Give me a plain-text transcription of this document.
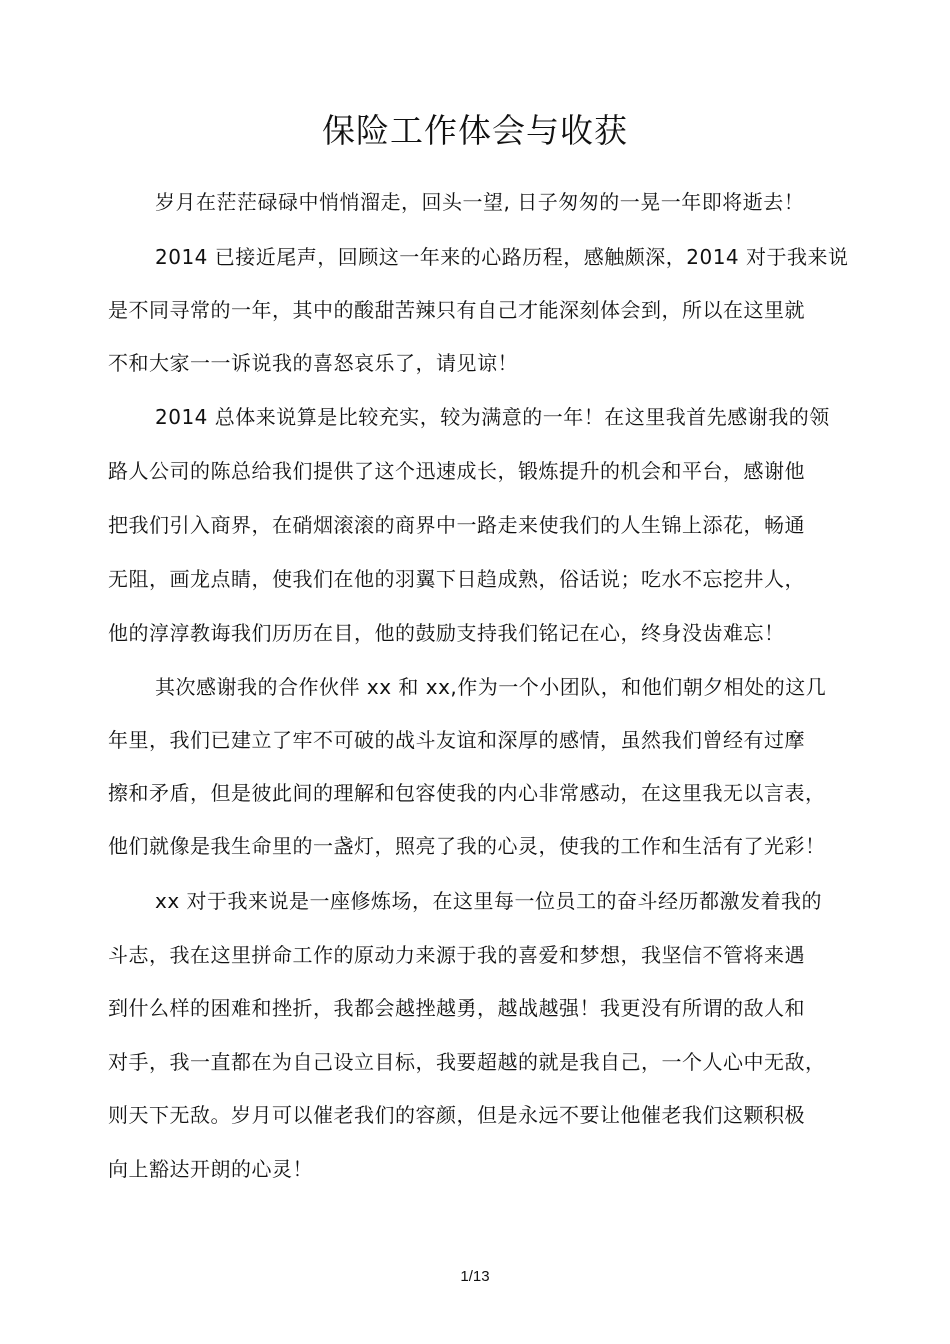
保险工作体会与收获
岁月在茫茫碌碌中悄悄溜走，回头一望, 日子匆匆的一晃一年即将逝去！
2014 已接近尾声，回顾这一年来的心路历程，感触颇深，2014 对于我来说
是不同寻常的一年，其中的酸甜苦辣只有自己才能深刻体会到，所以在这里就
不和大家一一诉说我的喜怒哀乐了，请见谅！
2014 总体来说算是比较充实，较为满意的一年！在这里我首先感谢我的领
路人公司的陈总给我们提供了这个迅速成长，锻炼提升的机会和平台，感谢他
把我们引入商界，在硝烟滚滚的商界中一路走来使我们的人生锦上添花，畅通
无阻，画龙点睛，使我们在他的羽翼下日趋成熟，俗话说；吃水不忘挖井人，
他的淳淳教诲我们历历在目，他的鼓励支持我们铭记在心，终身没齿难忘！
其次感谢我的合作伙伴 xx 和 xx,作为一个小团队，和他们朝夕相处的这几
年里，我们已建立了牢不可破的战斗友谊和深厚的感情，虽然我们曾经有过摩
擦和矛盾，但是彼此间的理解和包容使我的内心非常感动，在这里我无以言表，
他们就像是我生命里的一盏灯，照亮了我的心灵，使我的工作和生活有了光彩！
xx 对于我来说是一座修炼场，在这里每一位员工的奋斗经历都激发着我的
斗志，我在这里拼命工作的原动力来源于我的喜爱和梦想，我坚信不管将来遇
到什么样的困难和挫折，我都会越挫越勇，越战越强！我更没有所谓的敌人和
对手，我一直都在为自己设立目标，我要超越的就是我自己，一个人心中无敌，
则天下无敌。岁月可以催老我们的容颜，但是永远不要让他催老我们这颗积极
向上豁达开朗的心灵！
1/13
